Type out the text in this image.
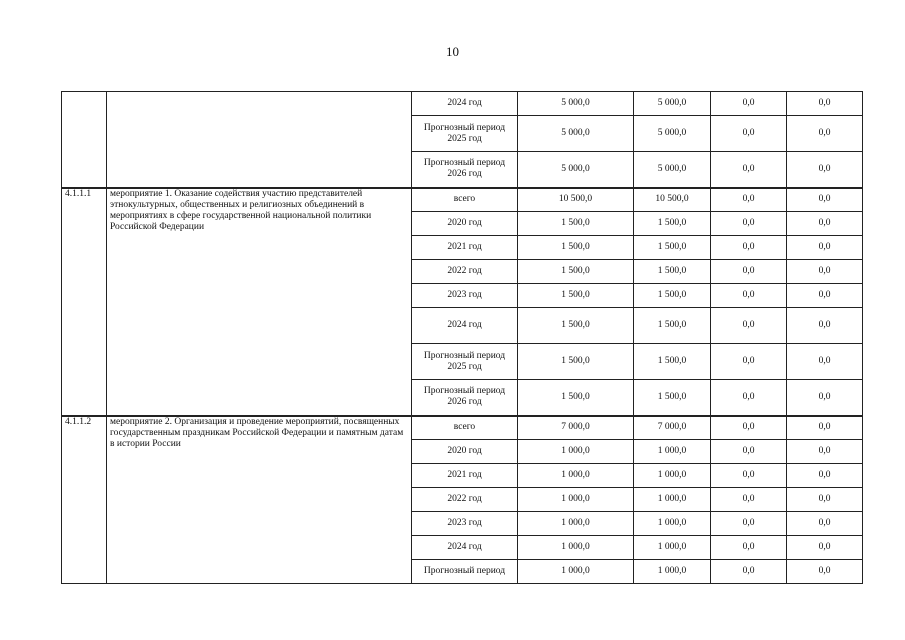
10
		2024 год	5 000,0	5 000,0	0,0	0,0
		Прогнозный период 2025 год	5 000,0	5 000,0	0,0	0,0
		Прогнозный период 2026 год	5 000,0	5 000,0	0,0	0,0
4.1.1.1	мероприятие 1. Оказание содействия участию представителей этнокультурных, общественных и религиозных объединений в мероприятиях в сфере государственной национальной политики Российской Федерации	всего	10 500,0	10 500,0	0,0	0,0
		2020 год	1 500,0	1 500,0	0,0	0,0
		2021 год	1 500,0	1 500,0	0,0	0,0
		2022 год	1 500,0	1 500,0	0,0	0,0
		2023 год	1 500,0	1 500,0	0,0	0,0
		2024 год	1 500,0	1 500,0	0,0	0,0
		Прогнозный период 2025 год	1 500,0	1 500,0	0,0	0,0
		Прогнозный период 2026 год	1 500,0	1 500,0	0,0	0,0
4.1.1.2	мероприятие 2. Организация и проведение мероприятий, посвященных государственным праздникам Российской Федерации и памятным датам в истории России	всего	7 000,0	7 000,0	0,0	0,0
		2020 год	1 000,0	1 000,0	0,0	0,0
		2021 год	1 000,0	1 000,0	0,0	0,0
		2022 год	1 000,0	1 000,0	0,0	0,0
		2023 год	1 000,0	1 000,0	0,0	0,0
		2024 год	1 000,0	1 000,0	0,0	0,0
		Прогнозный период	1 000,0	1 000,0	0,0	0,0
